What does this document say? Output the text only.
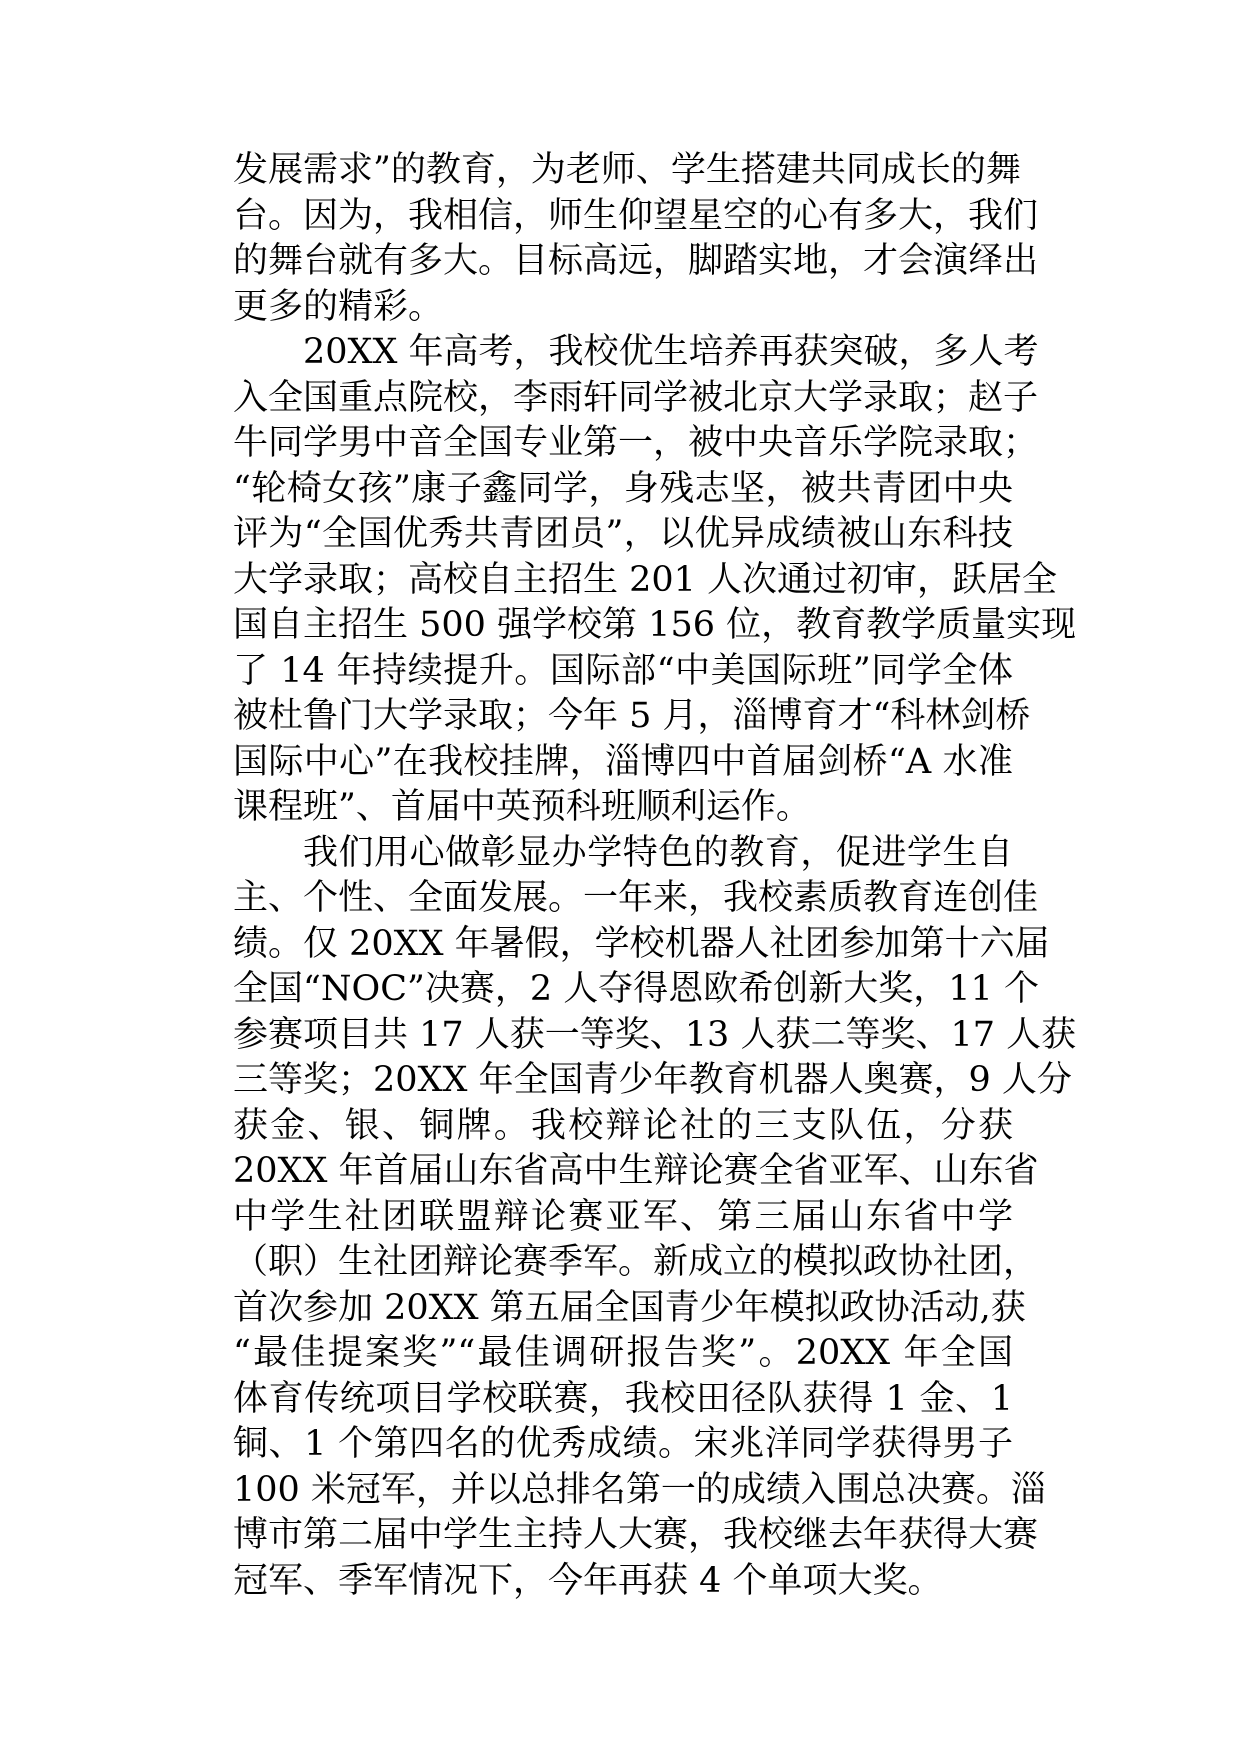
发展需求”的教育，为老师、学生搭建共同成长的舞
台。因为，我相信，师生仰望星空的心有多大，我们
的舞台就有多大。目标高远，脚踏实地，才会演绎出
更多的精彩。
20XX 年高考，我校优生培养再获突破，多人考
入全国重点院校，李雨轩同学被北京大学录取；赵子
牛同学男中音全国专业第一，被中央音乐学院录取；
“轮椅女孩”康子鑫同学，身残志坚，被共青团中央
评为“全国优秀共青团员”，以优异成绩被山东科技
大学录取；高校自主招生 201 人次通过初审，跃居全
国自主招生 500 强学校第 156 位，教育教学质量实现
了 14 年持续提升。国际部“中美国际班”同学全体
被杜鲁门大学录取；今年 5 月，淄博育才“科林剑桥
国际中心”在我校挂牌，淄博四中首届剑桥“A 水准
课程班”、首届中英预科班顺利运作。
我们用心做彰显办学特色的教育，促进学生自
主、个性、全面发展。一年来，我校素质教育连创佳
绩。仅 20XX 年暑假，学校机器人社团参加第十六届
全国“NOC”决赛，2 人夺得恩欧希创新大奖，11 个
参赛项目共 17 人获一等奖、13 人获二等奖、17 人获
三等奖；20XX 年全国青少年教育机器人奥赛，9 人分
获金、银、铜牌。我校辩论社的三支队伍，分获
20XX 年首届山东省高中生辩论赛全省亚军、山东省
中学生社团联盟辩论赛亚军、第三届山东省中学
（职）生社团辩论赛季军。新成立的模拟政协社团，
首次参加 20XX 第五届全国青少年模拟政协活动,获
“最佳提案奖”“最佳调研报告奖”。20XX 年全国
体育传统项目学校联赛，我校田径队获得 1 金、1
铜、1 个第四名的优秀成绩。宋兆洋同学获得男子
100 米冠军，并以总排名第一的成绩入围总决赛。淄
博市第二届中学生主持人大赛，我校继去年获得大赛
冠军、季军情况下，今年再获 4 个单项大奖。
